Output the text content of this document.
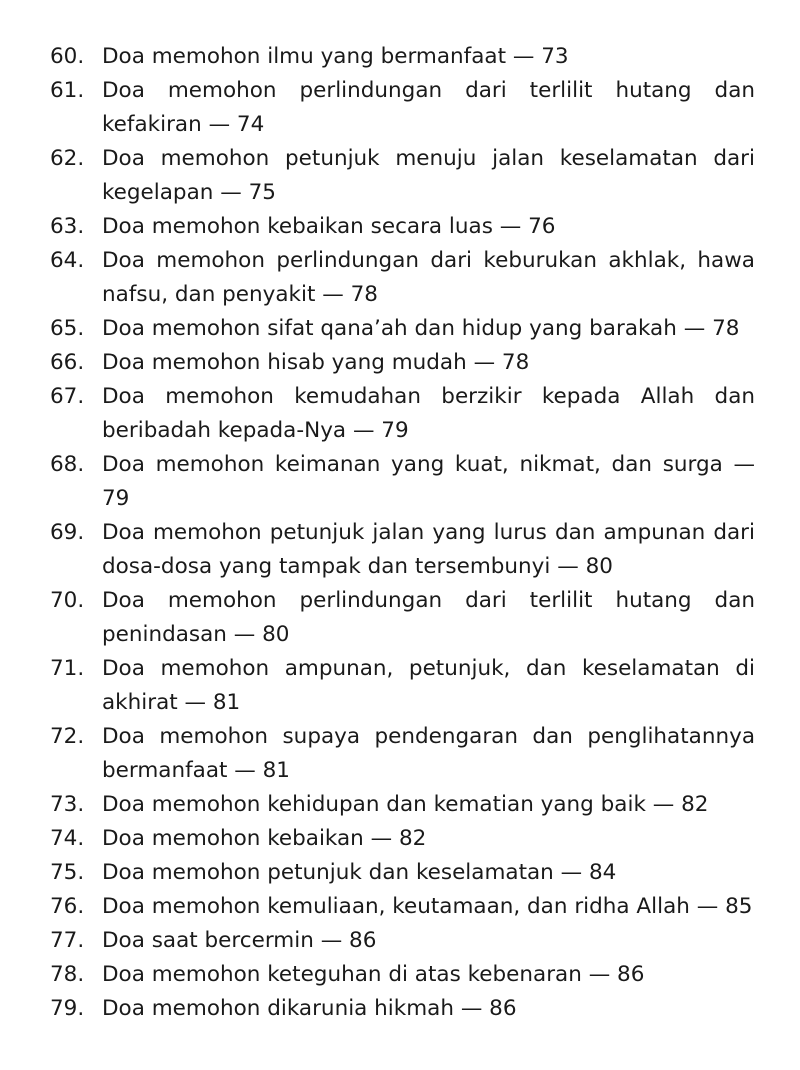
60. Doa memohon ilmu yang bermanfaat — 73
61. Doa memohon perlindungan dari terlilit hutang dan kefakiran — 74
62. Doa memohon petunjuk menuju jalan keselamatan dari kegelapan — 75
63. Doa memohon kebaikan secara luas — 76
64. Doa memohon perlindungan dari keburukan akhlak, hawa nafsu, dan penyakit — 78
65. Doa memohon sifat qana’ah dan hidup yang barakah — 78
66. Doa memohon hisab yang mudah — 78
67. Doa memohon kemudahan berzikir kepada Allah dan beribadah kepada-Nya — 79
68. Doa memohon keimanan yang kuat, nikmat, dan surga — 79
69. Doa memohon petunjuk jalan yang lurus dan ampunan dari dosa-dosa yang tampak dan tersembunyi — 80
70. Doa memohon perlindungan dari terlilit hutang dan penindasan — 80
71. Doa memohon ampunan, petunjuk, dan keselamatan di akhirat — 81
72. Doa memohon supaya pendengaran dan penglihatannya bermanfaat — 81
73. Doa memohon kehidupan dan kematian yang baik — 82
74. Doa memohon kebaikan — 82
75. Doa memohon petunjuk dan keselamatan — 84
76. Doa memohon kemuliaan, keutamaan, dan ridha Allah — 85
77. Doa saat bercermin — 86
78. Doa memohon keteguhan di atas kebenaran — 86
79. Doa memohon dikarunia hikmah — 86
